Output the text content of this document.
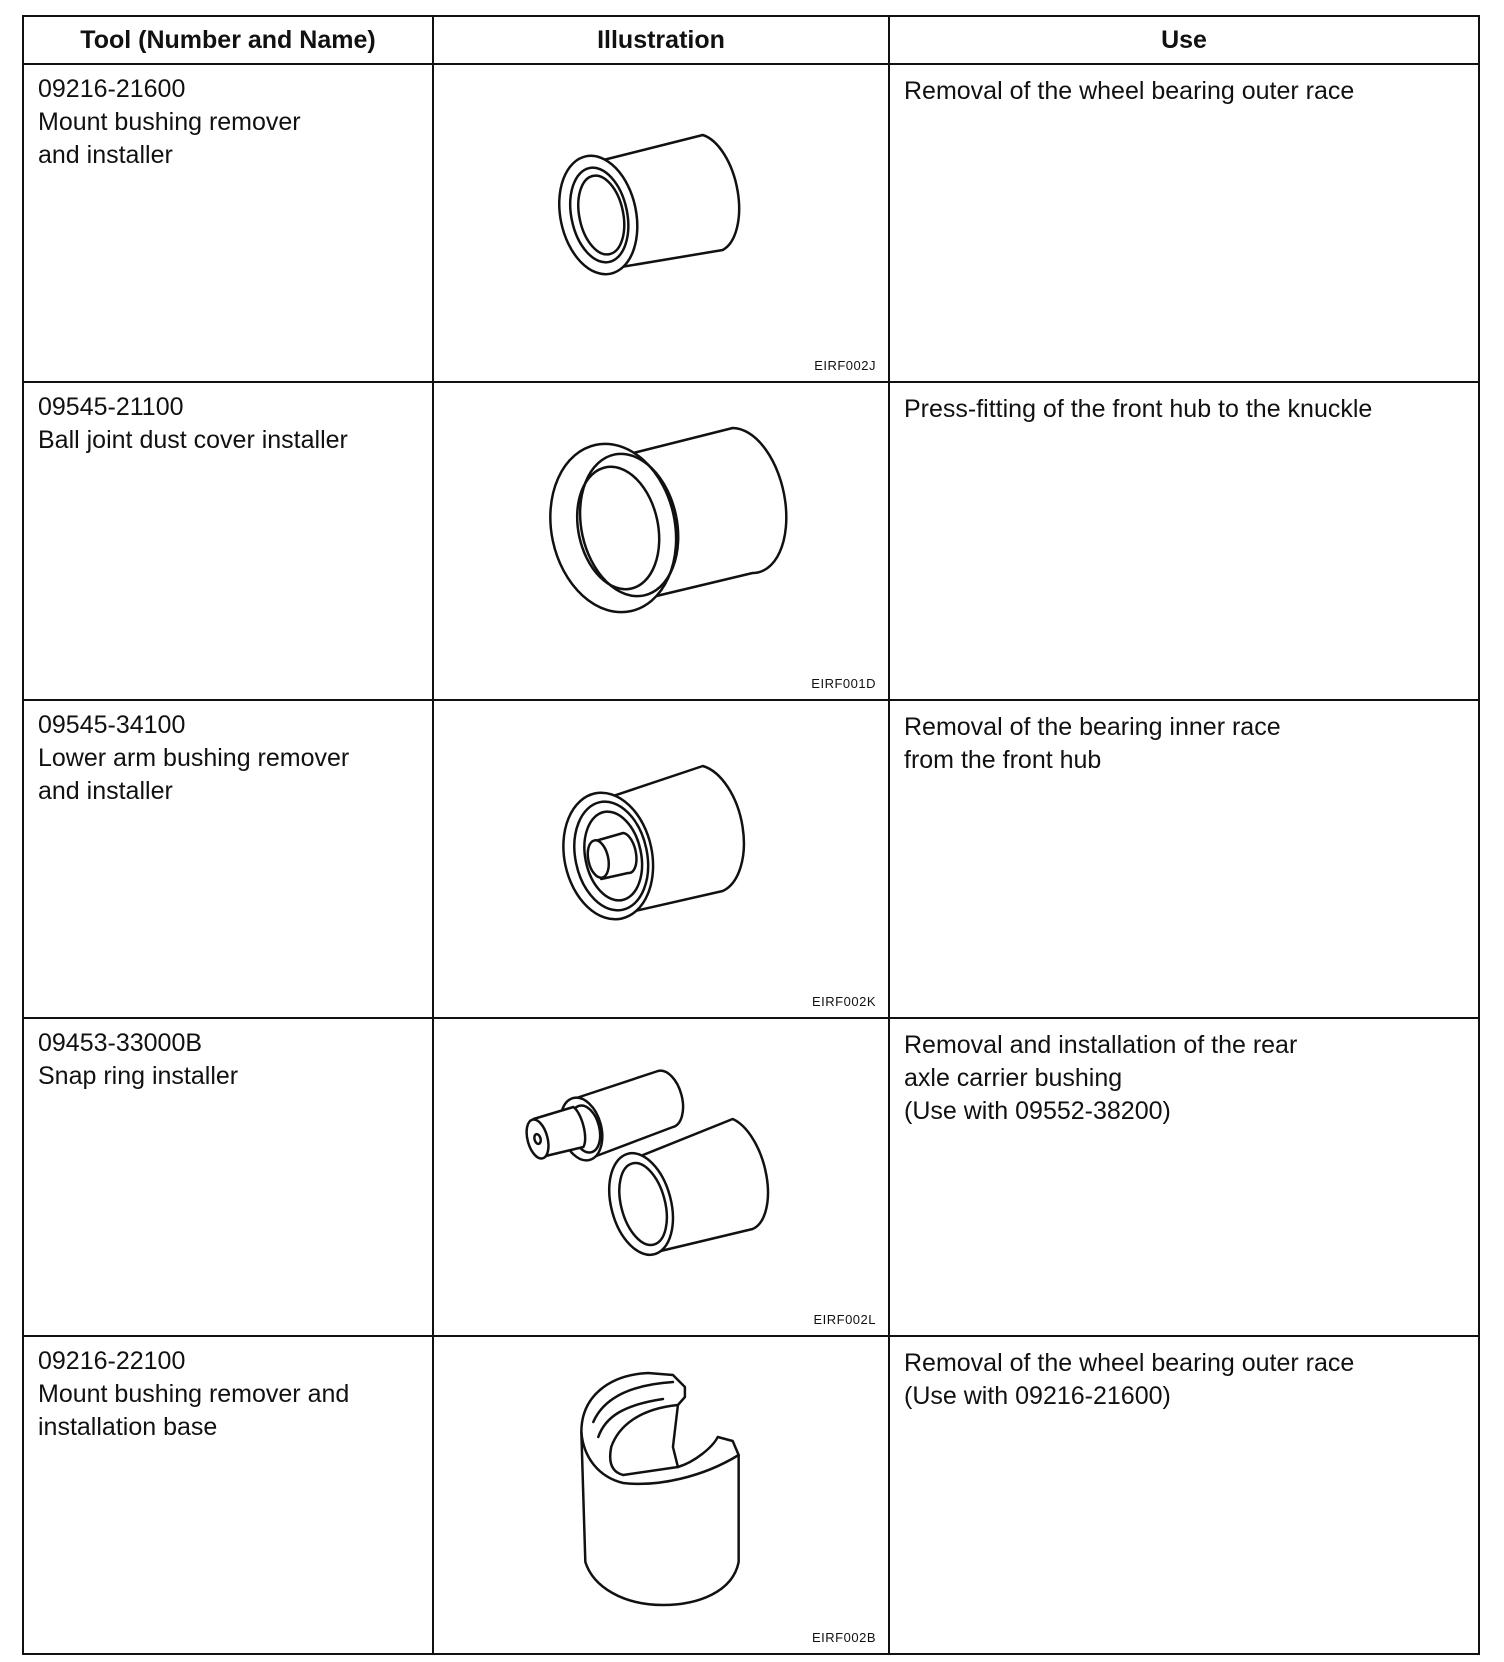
Tool (Number and Name)	Illustration	Use

09216-21600
Mount bushing remover
and installer	EIRF002J	Removal of the wheel bearing outer race

09545-21100
Ball joint dust cover installer	EIRF001D	Press-fitting of the front hub to the knuckle

09545-34100
Lower arm bushing remover
and installer	EIRF002K	Removal of the bearing inner race
from the front hub

09453-33000B
Snap ring installer	EIRF002L	Removal and installation of the rear
axle carrier bushing
(Use with 09552-38200)

09216-22100
Mount bushing remover and
installation base	EIRF002B	Removal of the wheel bearing outer race
(Use with 09216-21600)
